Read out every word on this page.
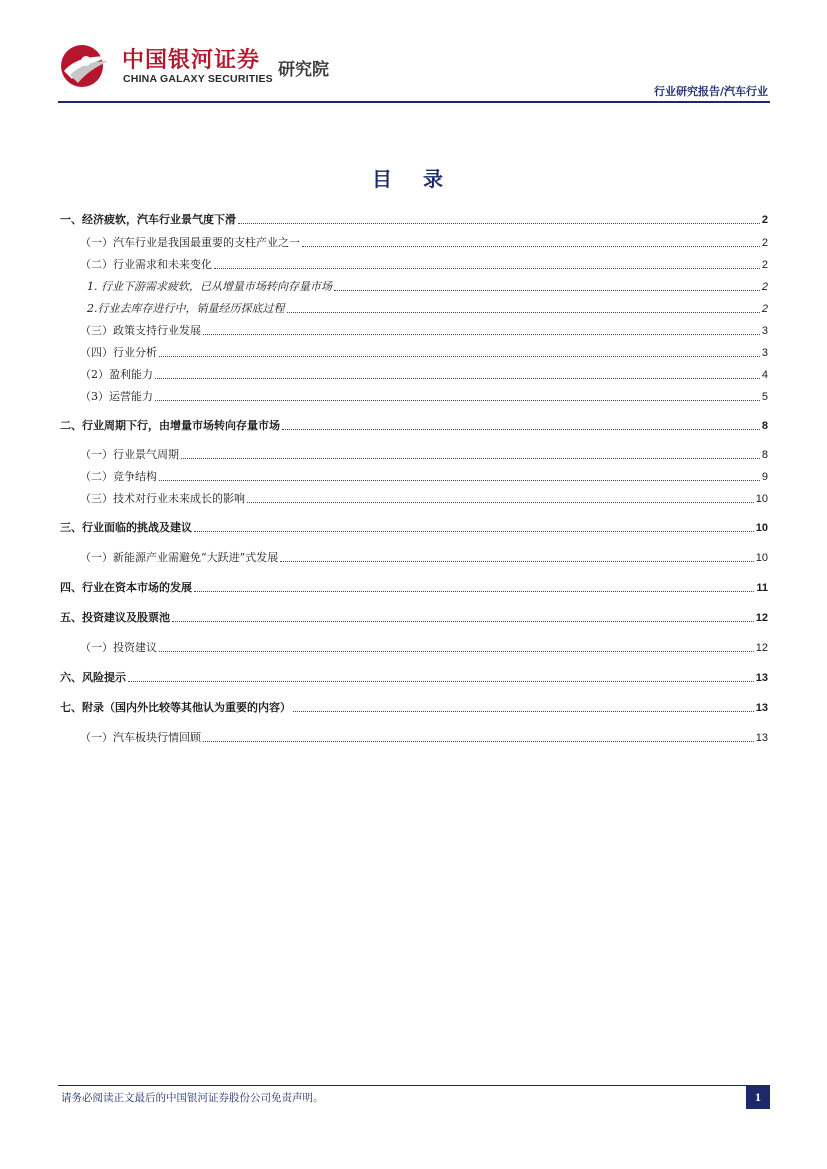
中国银河证券
CHINA GALAXY SECURITIES 研究院
行业研究报告/汽车行业
目 录
一、经济疲软，汽车行业景气度下滑	2
（一）汽车行业是我国最重要的支柱产业之一	2
（二）行业需求和未来变化	2
1. 行业下游需求疲软，已从增量市场转向存量市场	2
2.行业去库存进行中，销量经历探底过程	2
（三）政策支持行业发展	3
（四）行业分析	3
（2）盈利能力	4
（3）运营能力	5
二、行业周期下行，由增量市场转向存量市场	8
（一）行业景气周期	8
（二）竞争结构	9
（三）技术对行业未来成长的影响	10
三、行业面临的挑战及建议	10
（一）新能源产业需避免“大跃进”式发展	10
四、行业在资本市场的发展	11
五、投资建议及股票池	12
（一）投资建议	12
六、风险提示	13
七、附录（国内外比较等其他认为重要的内容）	13
（一）汽车板块行情回顾	13
请务必阅读正文最后的中国银河证券股份公司免责声明。	1
